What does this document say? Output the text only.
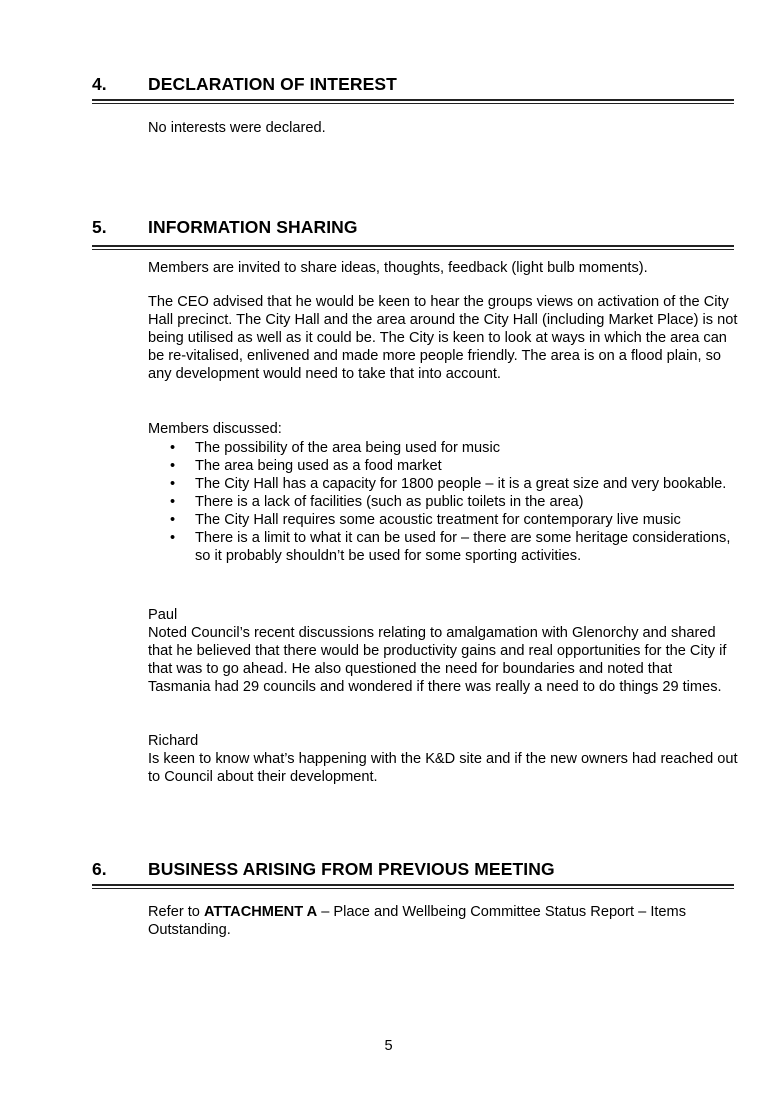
4. DECLARATION OF INTEREST

No interests were declared.

5. INFORMATION SHARING

Members are invited to share ideas, thoughts, feedback (light bulb moments).

The CEO advised that he would be keen to hear the groups views on activation of the City Hall precinct. The City Hall and the area around the City Hall (including Market Place) is not being utilised as well as it could be. The City is keen to look at ways in which the area can be re-vitalised, enlivened and made more people friendly. The area is on a flood plain, so any development would need to take that into account.

Members discussed:

• The possibility of the area being used for music
• The area being used as a food market
• The City Hall has a capacity for 1800 people – it is a great size and very bookable.
• There is a lack of facilities (such as public toilets in the area)
• The City Hall requires some acoustic treatment for contemporary live music
• There is a limit to what it can be used for – there are some heritage considerations, so it probably shouldn’t be used for some sporting activities.

Paul

Noted Council’s recent discussions relating to amalgamation with Glenorchy and shared that he believed that there would be productivity gains and real opportunities for the City if that was to go ahead. He also questioned the need for boundaries and noted that Tasmania had 29 councils and wondered if there was really a need to do things 29 times.

Richard

Is keen to know what’s happening with the K&D site and if the new owners had reached out to Council about their development.

6. BUSINESS ARISING FROM PREVIOUS MEETING

Refer to ATTACHMENT A – Place and Wellbeing Committee Status Report – Items Outstanding.

5
